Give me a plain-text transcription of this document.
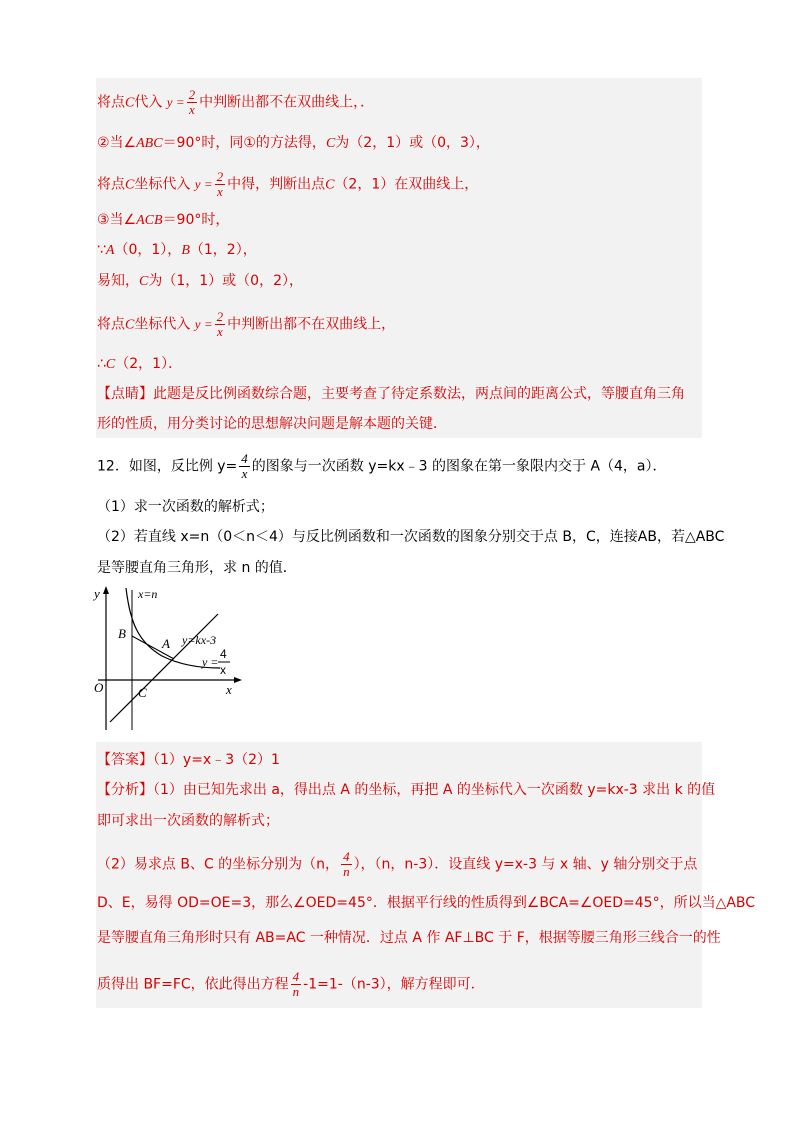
将点C代入 $y = \frac{2}{x}$ 中判断出都不在双曲线上，．
②当∠ABC＝90°时，同①的方法得，C为（2，1）或（0，3），
将点C坐标代入 $y = \frac{2}{x}$ 中得，判断出点C（2，1）在双曲线上，
③当∠ACB＝90°时，
∵A（0，1），B（1，2），
易知，C为（1，1）或（0，2），
将点C坐标代入 $y = \frac{2}{x}$ 中判断出都不在双曲线上，
∴C（2，1）．
【点睛】此题是反比例函数综合题，主要考查了待定系数法，两点间的距离公式，等腰直角三角
形的性质，用分类讨论的思想解决问题是解本题的关键．
12．如图，反比例 $y= \frac{4}{x}$ 的图象与一次函数 y=kx﹣3 的图象在第一象限内交于 A（4，a）．
（1）求一次函数的解析式；
（2）若直线 x=n（0＜n＜4）与反比例函数和一次函数的图象分别交于点 B，C，连接AB，若△ABC
是等腰直角三角形，求 n 的值．
y	x=n
B
A y=kx-3
y =
4
x
O	C	x
【答案】（1）y=x﹣3（2）1
【分析】（1）由已知先求出 a，得出点 A 的坐标，再把 A 的坐标代入一次函数 y=kx-3 求出 k 的值
即可求出一次函数的解析式；
（2）易求点 B、C 的坐标分别为（n， $\frac{4}{n}$ ），（n，n-3）．设直线 y=x-3 与 x 轴、y 轴分别交于点
D、E，易得 OD=OE=3，那么∠OED=45°．根据平行线的性质得到∠BCA=∠OED=45°，所以当△ABC
是等腰直角三角形时只有 AB=AC 一种情况．过点 A 作 AF⊥BC 于 F，根据等腰三角形三线合一的性
质得出 BF=FC，依此得出方程 $\frac{4}{n} -1=1-(n-3)$，解方程即可．
